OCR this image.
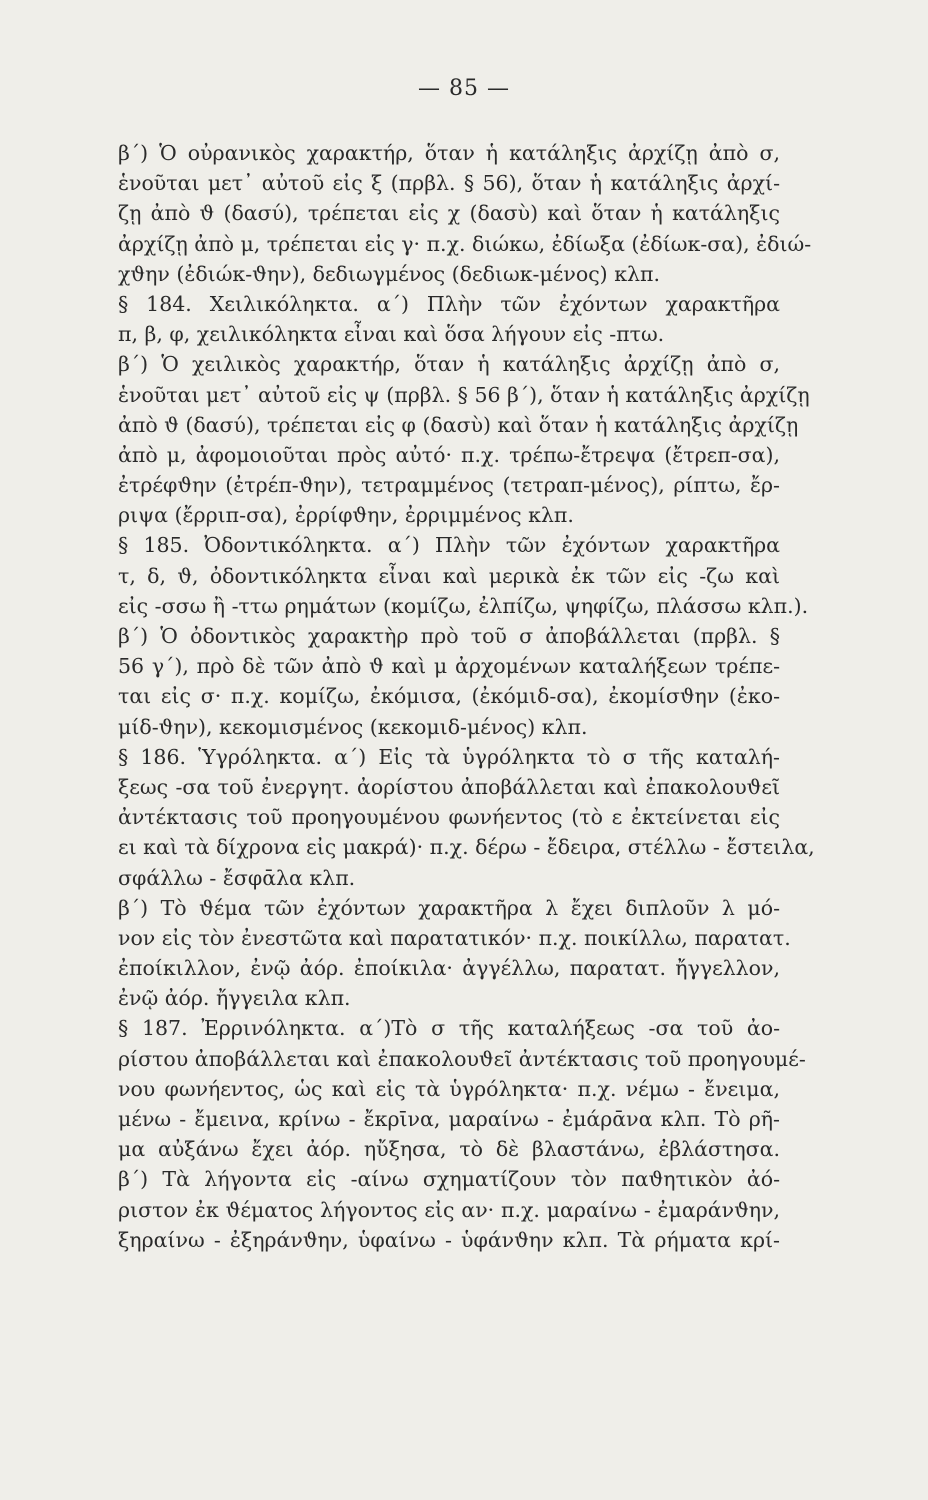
— 85 —
β΄) Ὁ οὐρανικὸς χαρακτήρ, ὅταν ἡ κατάληξις ἀρχίζῃ ἀπὸ σ,
ἑνοῦται μετ᾽ αὐτοῦ εἰς ξ (πρβλ. § 56), ὅταν ἡ κατάληξις ἀρχί-
ζῃ ἀπὸ ϑ (δασύ), τρέπεται εἰς χ (δασὺ) καὶ ὅταν ἡ κατάληξις
ἀρχίζῃ ἀπὸ μ, τρέπεται εἰς γ· π.χ. διώκω, ἐδίωξα (ἐδίωκ-σα), ἐδιώ-
χϑην (ἐδιώκ-ϑην), δεδιωγμένος (δεδιωκ-μένος) κλπ.
§ 184. Χειλικόληκτα. α΄) Πλὴν τῶν ἐχόντων χαρακτῆρα
π, β, φ, χειλικόληκτα εἶναι καὶ ὅσα λήγουν εἰς -πτω.
β΄) Ὁ χειλικὸς χαρακτήρ, ὅταν ἡ κατάληξις ἀρχίζῃ ἀπὸ σ,
ἑνοῦται μετ᾽ αὐτοῦ εἰς ψ (πρβλ. § 56 β΄), ὅταν ἡ κατάληξις ἀρχίζῃ
ἀπὸ ϑ (δασύ), τρέπεται εἰς φ (δασὺ) καὶ ὅταν ἡ κατάληξις ἀρχίζῃ
ἀπὸ μ, ἀφομοιοῦται πρὸς αὐτό· π.χ. τρέπω-ἔτρεψα (ἔτρεπ-σα),
ἐτρέφϑην (ἐτρέπ-ϑην), τετραμμένος (τετραπ-μένος), ρίπτω, ἔρ-
ριψα (ἔρριπ-σα), ἐρρίφϑην, ἐρριμμένος κλπ.
§ 185. Ὀδοντικόληκτα. α΄) Πλὴν τῶν ἐχόντων χαρακτῆρα
τ, δ, ϑ, ὀδοντικόληκτα εἶναι καὶ μερικὰ ἐκ τῶν εἰς -ζω καὶ
εἰς -σσω ἢ -ττω ρημάτων (κομίζω, ἐλπίζω, ψηφίζω, πλάσσω κλπ.).
β΄) Ὁ ὀδοντικὸς χαρακτὴρ πρὸ τοῦ σ ἀποβάλλεται (πρβλ. §
56 γ΄), πρὸ δὲ τῶν ἀπὸ ϑ καὶ μ ἀρχομένων καταλήξεων τρέπε-
ται εἰς σ· π.χ. κομίζω, ἐκόμισα, (ἐκόμιδ-σα), ἐκομίσϑην (ἐκο-
μίδ-ϑην), κεκομισμένος (κεκομιδ-μένος) κλπ.
§ 186. Ὑγρόληκτα. α΄) Εἰς τὰ ὑγρόληκτα τὸ σ τῆς καταλή-
ξεως -σα τοῦ ἐνεργητ. ἀορίστου ἀποβάλλεται καὶ ἐπακολουϑεῖ
ἀντέκτασις τοῦ προηγουμένου φωνήεντος (τὸ ε ἐκτείνεται εἰς
ει καὶ τὰ δίχρονα εἰς μακρά)· π.χ. δέρω - ἔδειρα, στέλλω - ἔστειλα,
σφάλλω - ἔσφᾱλα κλπ.
β΄) Τὸ ϑέμα τῶν ἐχόντων χαρακτῆρα λ ἔχει διπλοῦν λ μό-
νον εἰς τὸν ἐνεστῶτα καὶ παρατατικόν· π.χ. ποικίλλω, παρατατ.
ἐποίκιλλον, ἐνῷ ἀόρ. ἐποίκιλα· ἀγγέλλω, παρατατ. ἤγγελλον,
ἐνῷ ἀόρ. ἤγγειλα κλπ.
§ 187. Ἐρρινόληκτα. α΄)Τὸ σ τῆς καταλήξεως -σα τοῦ ἀο-
ρίστου ἀποβάλλεται καὶ ἐπακολουϑεῖ ἀντέκτασις τοῦ προηγουμέ-
νου φωνήεντος, ὡς καὶ εἰς τὰ ὑγρόληκτα· π.χ. νέμω - ἔνειμα,
μένω - ἔμεινα, κρίνω - ἔκρῑνα, μαραίνω - ἐμάρᾱνα κλπ. Τὸ ρῆ-
μα αὐξάνω ἔχει ἀόρ. ηὔξησα, τὸ δὲ βλαστάνω, ἐβλάστησα.
β΄) Τὰ λήγοντα εἰς -αίνω σχηματίζουν τὸν παϑητικὸν ἀό-
ριστον ἐκ ϑέματος λήγοντος εἰς αν· π.χ. μαραίνω - ἐμαράνϑην,
ξηραίνω - ἐξηράνϑην, ὑφαίνω - ὑφάνϑην κλπ. Τὰ ρήματα κρί-
